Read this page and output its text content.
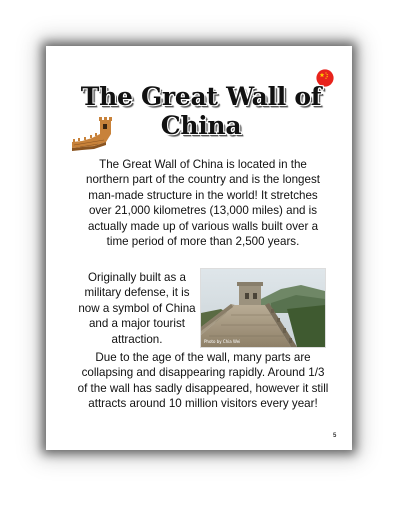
The Great Wall of China
The Great Wall of China is located in the northern part of the country and is the longest man-made structure in the world! It stretches over 21,000 kilometres (13,000 miles) and is actually made up of various walls built over a time period of more than 2,500 years.
Originally built as a military defense, it is now a symbol of China and a major tourist attraction.	Photo by Chia Wei
Due to the age of the wall, many parts are collapsing and disappearing rapidly. Around 1/3 of the wall has sadly disappeared, however it still attracts around 10 million visitors every year!
5
